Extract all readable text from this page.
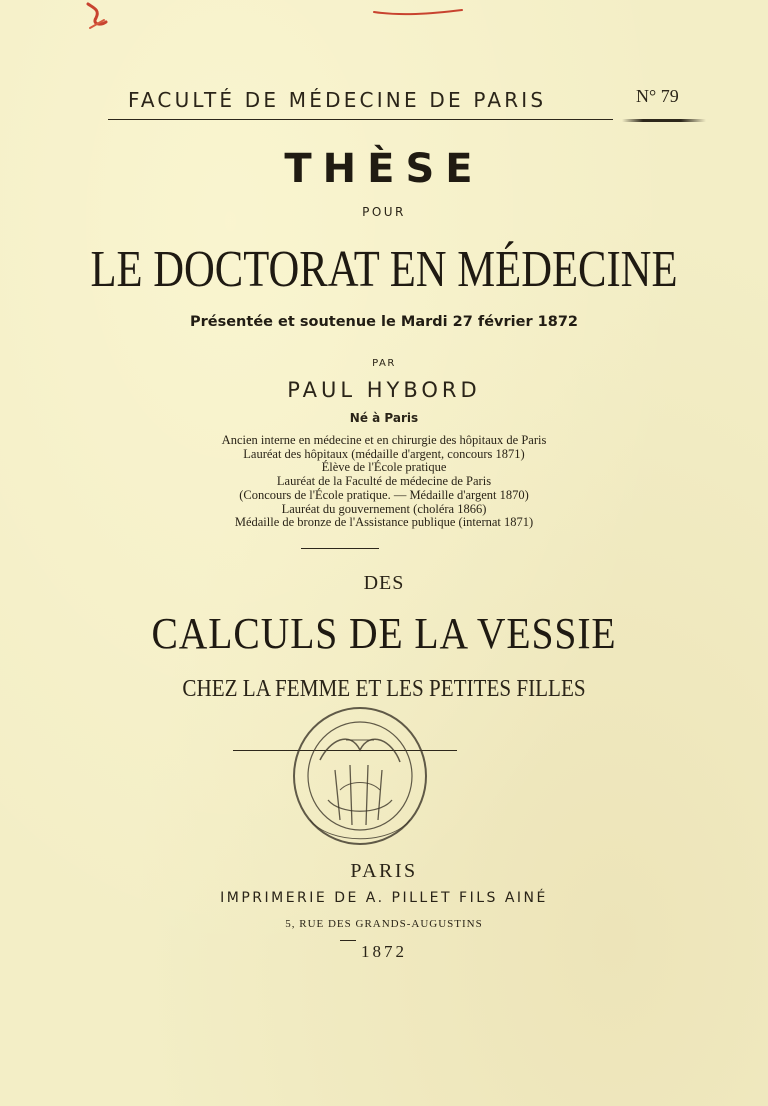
FACULTÉ DE MÉDECINE DE PARIS	N° 79
THÈSE
POUR
LE DOCTORAT EN MÉDECINE
Présentée et soutenue le Mardi 27 février 1872
PAR
PAUL HYBORD
Né à Paris
Ancien interne en médecine et en chirurgie des hôpitaux de Paris
Lauréat des hôpitaux (médaille d'argent, concours 1871)
Élève de l'École pratique
Lauréat de la Faculté de médecine de Paris
(Concours de l'École pratique. — Médaille d'argent 1870)
Lauréat du gouvernement (choléra 1866)
Médaille de bronze de l'Assistance publique (internat 1871)
DES
CALCULS DE LA VESSIE
CHEZ LA FEMME ET LES PETITES FILLES
PARIS
IMPRIMERIE DE A. PILLET FILS AINÉ
5, RUE DES GRANDS-AUGUSTINS
1872
